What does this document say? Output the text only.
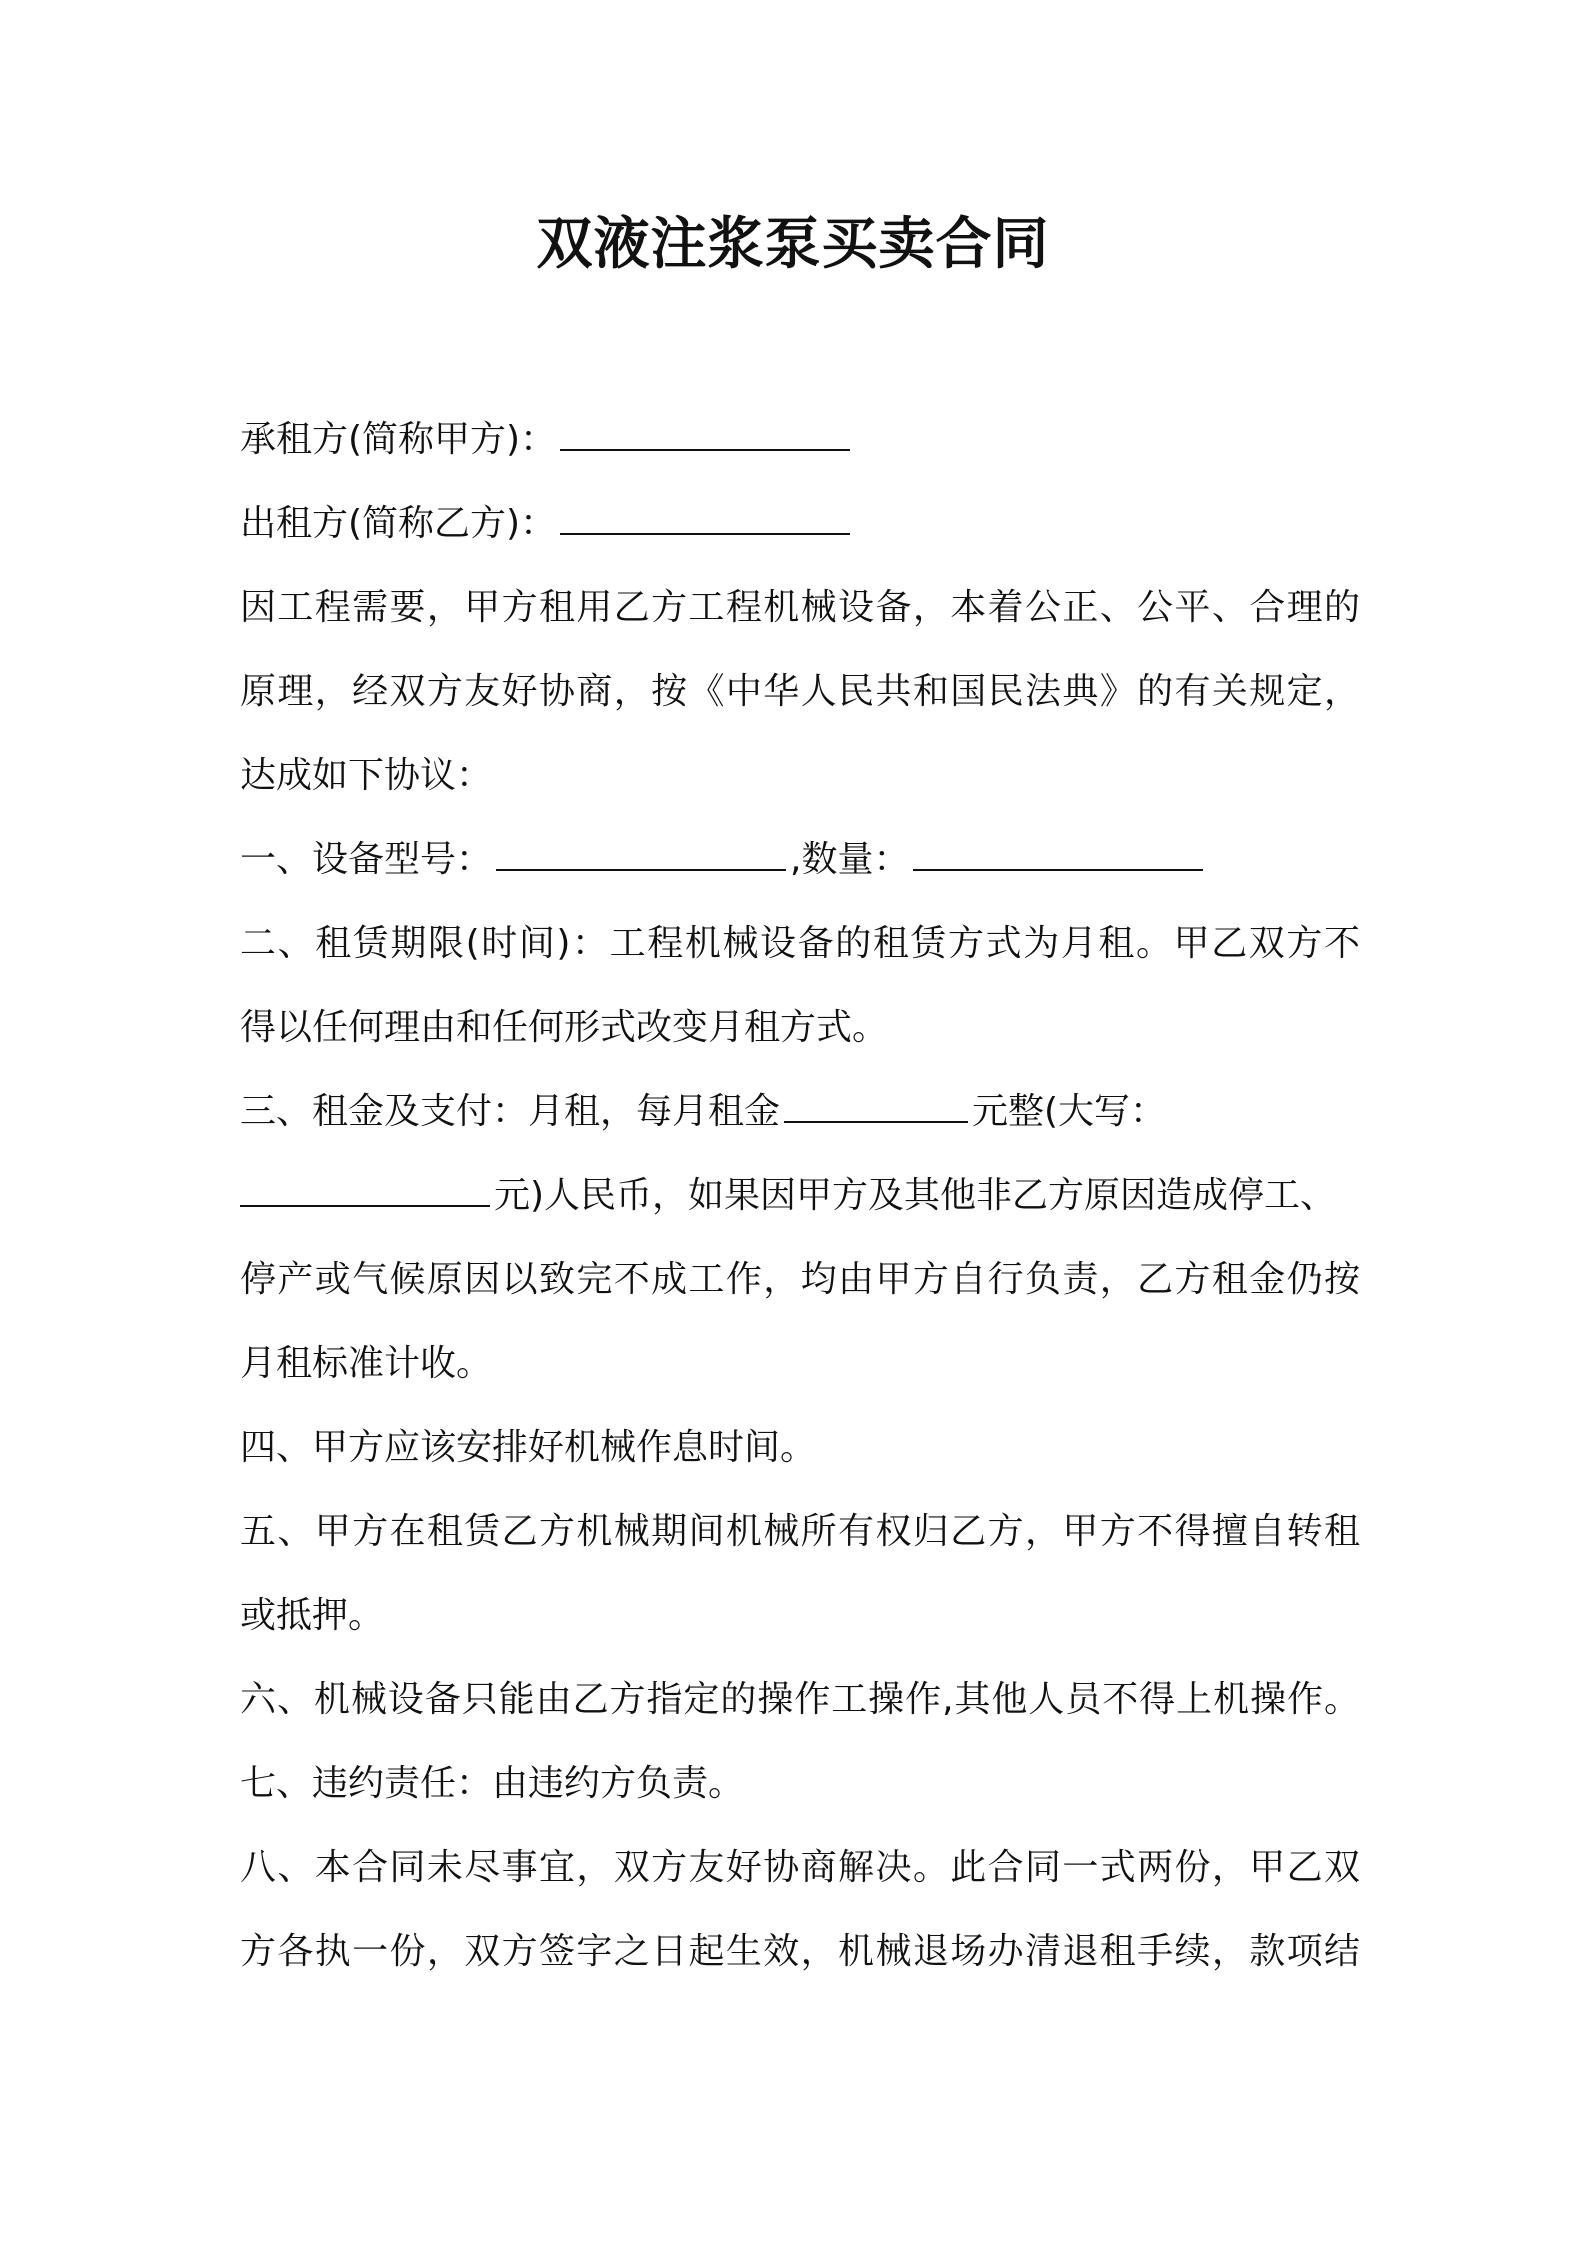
双液注浆泵买卖合同
承租方(简称甲方)：
出租方(简称乙方)：
因工程需要，甲方租用乙方工程机械设备，本着公正、公平、合理的
原理，经双方友好协商，按《中华人民共和国民法典》的有关规定，
达成如下协议：
一、设备型号：	,数量：
二、租赁期限(时间)：工程机械设备的租赁方式为月租。甲乙双方不
得以任何理由和任何形式改变月租方式。
三、租金及支付：月租，每月租金	元整(大写：
元)人民币，如果因甲方及其他非乙方原因造成停工、
停产或气候原因以致完不成工作，均由甲方自行负责，乙方租金仍按
月租标准计收。
四、甲方应该安排好机械作息时间。
五、甲方在租赁乙方机械期间机械所有权归乙方，甲方不得擅自转租
或抵押。
六、机械设备只能由乙方指定的操作工操作,其他人员不得上机操作。
七、违约责任：由违约方负责。
八、本合同未尽事宜，双方友好协商解决。此合同一式两份，甲乙双
方各执一份，双方签字之日起生效，机械退场办清退租手续，款项结
